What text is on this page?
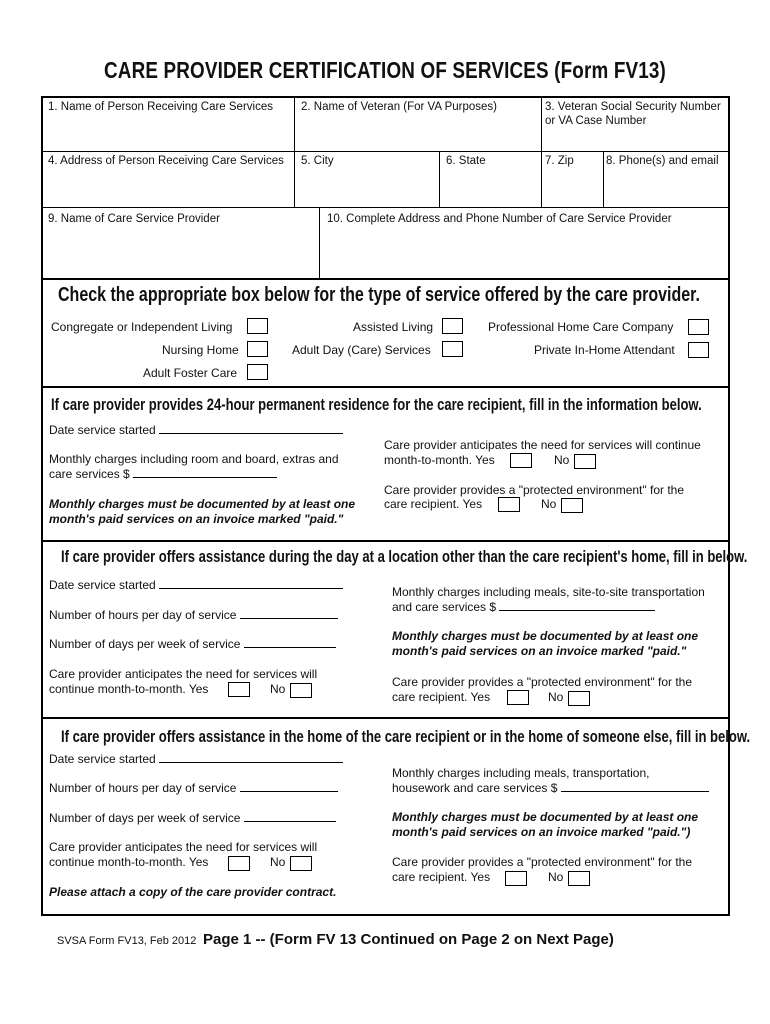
CARE PROVIDER CERTIFICATION OF SERVICES (Form FV13)
1. Name of Person Receiving Care Services 2. Name of Veteran (For VA Purposes)	3. Veteran Social Security Number
or VA Case Number
4. Address of Person Receiving Care Services 5. City	6. State	7. Zip	8. Phone(s) and email
9. Name of Care Service Provider	10. Complete Address and Phone Number of Care Service Provider
Check the appropriate box below for the type of service offered by the care provider.
Congregate or Independent Living	Assisted Living	Professional Home Care Company
Nursing Home	Adult Day (Care) Services	Private In-Home Attendant
Adult Foster Care
If care provider provides 24-hour permanent residence for the care recipient, fill in the information below.
Date service started
Monthly charges including room and board, extras and
care services $
Monthly charges must be documented by at least one
month's paid services on an invoice marked "paid."
Care provider anticipates the need for services will continue
month-to-month. Yes	No
Care provider provides a "protected environment" for the
care recipient. Yes	No
If care provider offers assistance during the day at a location other than the care recipient's home, fill in below.
Date service started
Number of hours per day of service
Number of days per week of service
Care provider anticipates the need for services will
continue month-to-month. Yes	No
Monthly charges including meals, site-to-site transportation
and care services $
Monthly charges must be documented by at least one
month's paid services on an invoice marked "paid."
Care provider provides a "protected environment" for the
care recipient. Yes	No
If care provider offers assistance in the home of the care recipient or in the home of someone else, fill in below.
Date service started
Number of hours per day of service
Number of days per week of service
Care provider anticipates the need for services will
continue month-to-month. Yes	No
Please attach a copy of the care provider contract.
Monthly charges including meals, transportation,
housework and care services $
Monthly charges must be documented by at least one
month's paid services on an invoice marked "paid.")
Care provider provides a "protected environment" for the
care recipient. Yes	No
SVSA Form FV13, Feb 2012 Page 1 -- (Form FV 13 Continued on Page 2 on Next Page)
